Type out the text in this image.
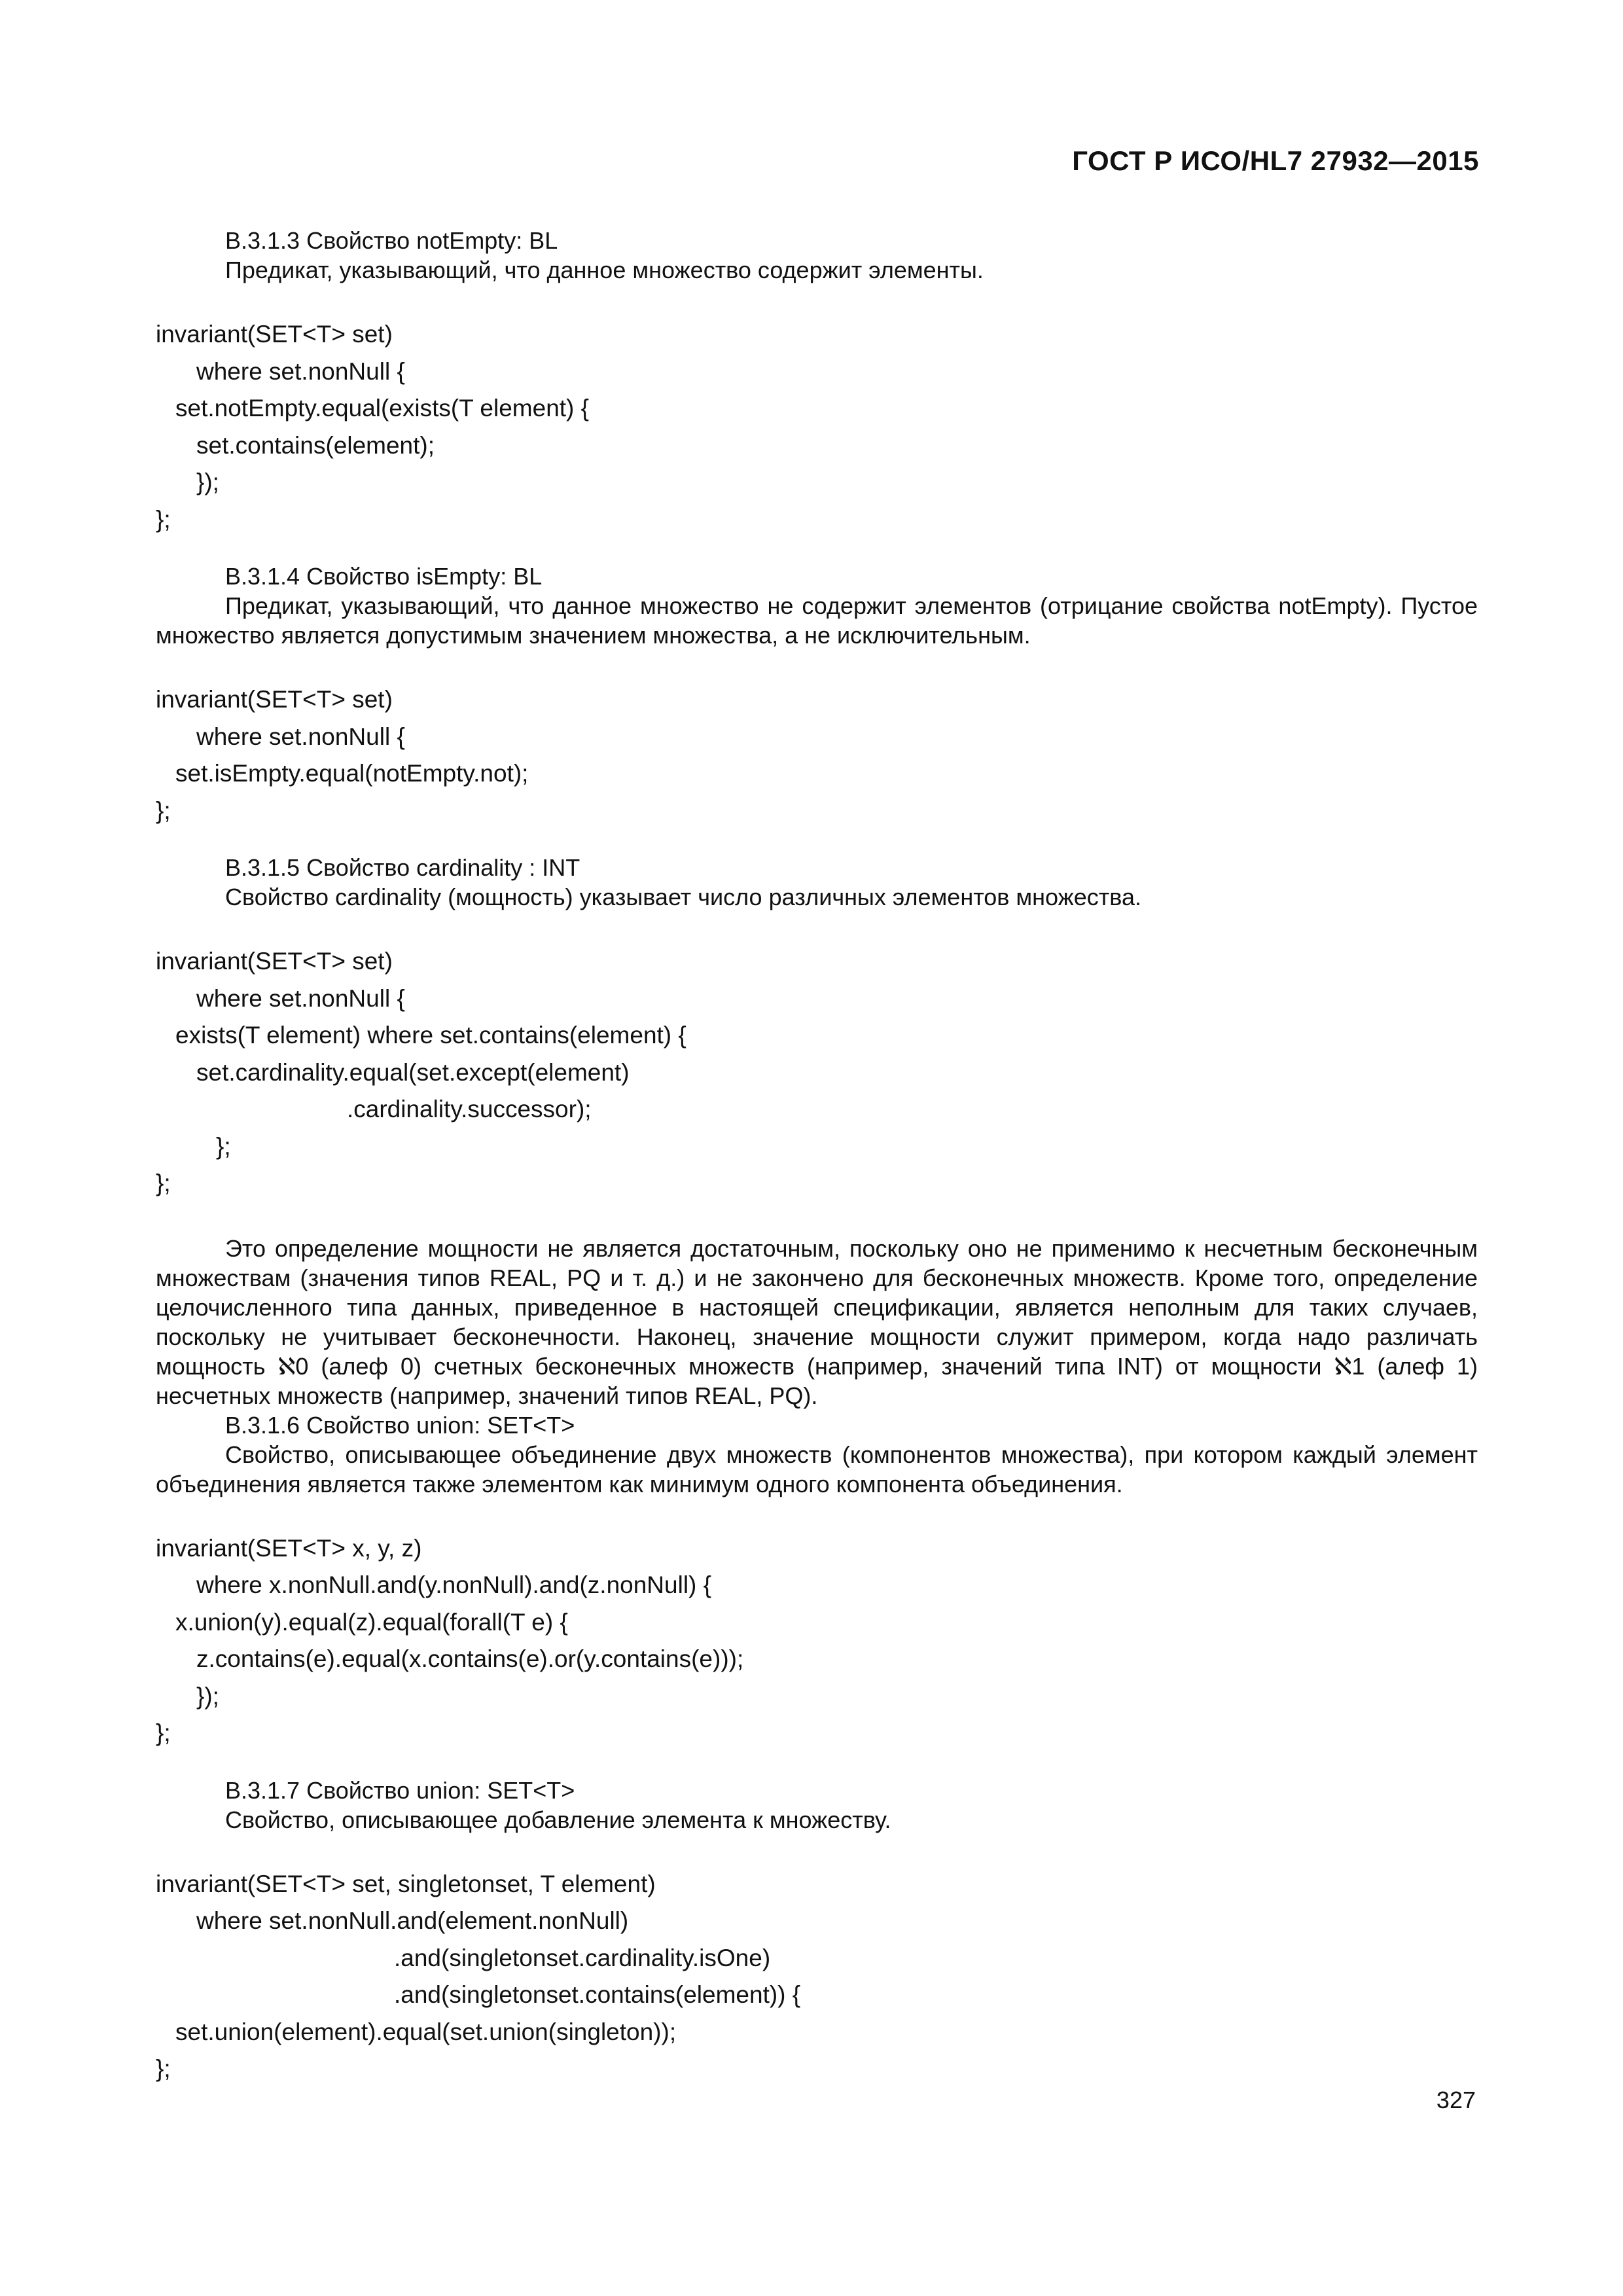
ГОСТ Р ИСО/HL7 27932—2015

B.3.1.3 Свойство notEmpty: BL

Предикат, указывающий, что данное множество содержит элементы.

invariant(SET<T> set)

where set.nonNull {

set.notEmpty.equal(exists(T element) {

set.contains(element);

});

};

B.3.1.4 Свойство isEmpty: BL

Предикат, указывающий, что данное множество не содержит элементов (отрицание свойства notEmpty). Пустое множество является допустимым значением множества, а не исключительным.

invariant(SET<T> set)

where set.nonNull {

set.isEmpty.equal(notEmpty.not);

};

B.3.1.5 Свойство cardinality : INT

Свойство cardinality (мощность) указывает число различных элементов множества.

invariant(SET<T> set)

where set.nonNull {

exists(T element) where set.contains(element) {

set.cardinality.equal(set.except(element)

.cardinality.successor);

};

};

Это определение мощности не является достаточным, поскольку оно не применимо к несчетным бесконечным множествам (значения типов REAL, PQ и т. д.) и не закончено для бесконечных множеств. Кроме того, определение целочисленного типа данных, приведенное в настоящей спецификации, является неполным для таких случаев, поскольку не учитывает бесконечности. Наконец, значение мощности служит примером, когда надо различать мощность ℵ0 (алеф 0) счетных бесконечных множеств (например, значений типа INT) от мощности ℵ1 (алеф 1) несчетных множеств (например, значений типов REAL, PQ).

B.3.1.6 Свойство union: SET<T>

Свойство, описывающее объединение двух множеств (компонентов множества), при котором каждый элемент объединения является также элементом как минимум одного компонента объединения.

invariant(SET<T> x, y, z)

where x.nonNull.and(y.nonNull).and(z.nonNull) {

x.union(y).equal(z).equal(forall(T e) {

z.contains(e).equal(x.contains(e).or(y.contains(e)));

});

};

B.3.1.7 Свойство union: SET<T>

Свойство, описывающее добавление элемента к множеству.

invariant(SET<T> set, singletonset, T element)

where set.nonNull.and(element.nonNull)

.and(singletonset.cardinality.isOne)

.and(singletonset.contains(element)) {

set.union(element).equal(set.union(singleton));

};

327
